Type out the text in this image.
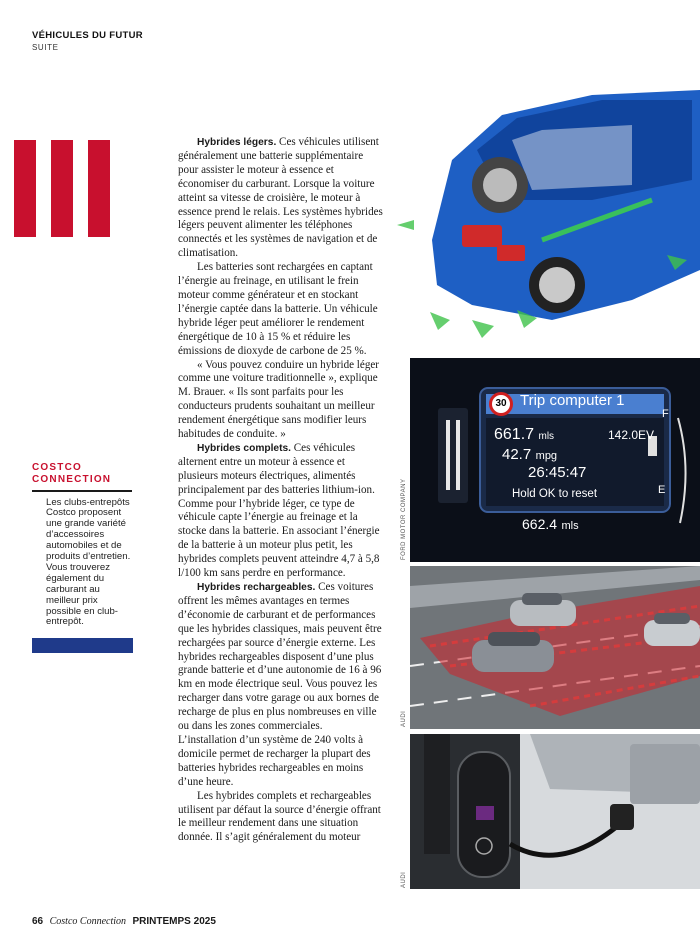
VÉHICULES DU FUTUR
SUITE
COSTCO CONNECTION
Les clubs-entrepôts Costco proposent une grande variété d’accessoires automobiles et de produits d’entretien. Vous trouverez également du carburant au meilleur prix possible en club-entrepôt.

Hybrides légers. Ces véhicules utilisent généralement une batterie supplémentaire pour assister le moteur à essence et économiser du carburant. Lorsque la voiture atteint sa vitesse de croisière, le moteur à essence prend le relais. Les systèmes hybrides légers peuvent alimenter les téléphones connectés et les systèmes de navigation et de climatisation.

Les batteries sont rechargées en captant l’énergie au freinage, en utilisant le frein moteur comme générateur et en stockant l’énergie captée dans la batterie. Un véhicule hybride léger peut améliorer le rendement énergétique de 10 à 15 % et réduire les émissions de dioxyde de carbone de 25 %.

« Vous pouvez conduire un hybride léger comme une voiture traditionnelle », explique M. Brauer. « Ils sont parfaits pour les conducteurs prudents souhaitant un meilleur rendement énergétique sans modifier leurs habitudes de conduite. »

Hybrides complets. Ces véhicules alternent entre un moteur à essence et plusieurs moteurs électriques, alimentés principalement par des batteries lithium-ion. Comme pour l’hybride léger, ce type de véhicule capte l’énergie au freinage et la stocke dans la batterie. En associant l’énergie de la batterie à un moteur plus petit, les hybrides complets peuvent atteindre 4,7 à 5,8 l/100 km sans perdre en performance.

Hybrides rechargeables. Ces voitures offrent les mêmes avantages en termes d’économie de carburant et de performances que les hybrides classiques, mais peuvent être rechargées par source d’énergie externe. Les hybrides rechargeables disposent d’une plus grande batterie et d’une autonomie de 16 à 96 km en mode électrique seul. Vous pouvez les recharger dans votre garage ou aux bornes de recharge de plus en plus nombreuses en ville ou dans les zones commerciales. L’installation d’un système de 240 volts à domicile permet de recharger la plupart des batteries hybrides rechargeables en moins d’une heure.

Les hybrides complets et rechargeables utilisent par défaut la source d’énergie offrant le meilleur rendement dans une situation donnée. Il s’agit généralement du moteur

30 Trip computer 1
661.7 mls	142.0EV
42.7 mpg
26:45:47
Hold OK to reset
662.4 mls
F
E
FORD MOTOR COMPANY
AUDI
AUDI
66 Costco Connection PRINTEMPS 2025
